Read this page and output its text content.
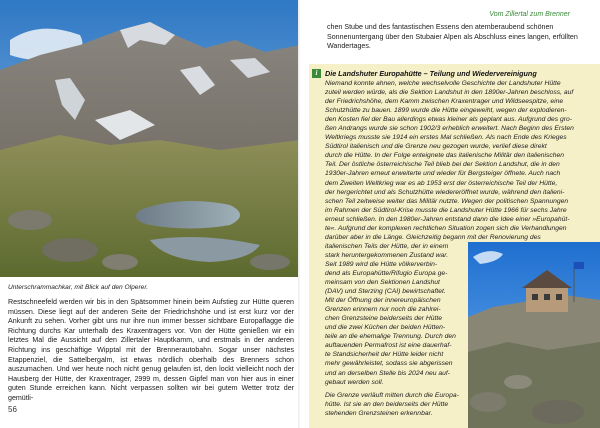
Unterschrammachkar, mit Blick auf den Olperer.
Restschneefeld werden wir bis in den Spätsommer hinein beim Aufstieg zur Hütte queren müssen. Diese liegt auf der anderen Seite der Friedrichshöhe und ist erst kurz vor der Ankunft zu sehen. Vorher gibt uns nur ihre nun immer besser sichtbare Europaflagge die Richtung durchs Kar unterhalb des Kraxentragers vor. Von der Hütte genießen wir ein letztes Mal die Aussicht auf den Zillertaler Hauptkamm, und erstmals in der anderen Richtung ins geschäftige Wipptal mit der Brennerautobahn. Sogar unser nächstes Etappenziel, die Sattelbergalm, ist etwas nördlich oberhalb des Brenners schon auszumachen. Und wer heute noch nicht genug gelaufen ist, den lockt vielleicht noch der Hausberg der Hütte, der Kraxentrager, 2999 m, dessen Gipfel man von hier aus in einer guten Stunde erreichen kann. Nicht verpassen sollten wir bei gutem Wetter trotz der gemütli-
56
Vom Zillertal zum Brenner
chen Stube und des fantastischen Essens den atemberaubend schönen Sonnenuntergang über den Stubaier Alpen als Abschluss eines langen, erfüllten Wandertages.
i	Die Landshuter Europahütte – Teilung und Wiedervereinigung
Niemand konnte ahnen, welche wechselvolle Geschichte der Landshuter Hütte
zuteil werden würde, als die Sektion Landshut in den 1890er-Jahren beschloss, auf
der Friedrichshöhe, dem Kamm zwischen Kraxentrager und Wildseespitze, eine
Schutzhütte zu bauen. 1899 wurde die Hütte eingeweiht, wegen der explodieren-
den Kosten fiel der Bau allerdings etwas kleiner als geplant aus. Aufgrund des gro-
ßen Andrangs wurde sie schon 1902/3 erheblich erweitert. Nach Beginn des Ersten
Weltkriegs musste sie 1914 ein erstes Mal schließen. Als nach Ende des Krieges
Südtirol italienisch und die Grenze neu gezogen wurde, verlief diese direkt
durch die Hütte. In der Folge enteignete das italienische Militär den italienischen
Teil. Der östliche österreichische Teil blieb bei der Sektion Landshut, die in den
1930er-Jahren erneut erweiterte und wieder für Bergsteiger öffnete. Auch nach
dem Zweiten Weltkrieg war es ab 1953 erst der österreichische Teil der Hütte,
der hergerichtet und als Schutzhütte wiedereröffnet wurde, während den italieni-
schen Teil zeitweise weiter das Militär nutzte. Wegen der politischen Spannungen
im Rahmen der Südtirol-Krise musste die Landshuter Hütte 1966 für sechs Jahre
erneut schließen. In den 1980er-Jahren entstand dann die Idee einer »Europahüt-
te«. Aufgrund der komplexen rechtlichen Situation zogen sich die Verhandlungen
darüber aber in die Länge. Gleichzeitig begann mit der Renovierung des
italienischen Teils der Hütte, der in einem
stark heruntergekommenen Zustand war.
Seit 1989 wird die Hütte völkerverbin-
dend als Europahütte/Rifugio Europa ge-
meinsam von den Sektionen Landshut
(DAV) und Sterzing (CAI) bewirtschaftet.
Mit der Öffnung der innereuropäischen
Grenzen erinnern nur noch die zahlrei-
chen Grenzsteine beiderseits der Hütte
und die zwei Küchen der beiden Hütten-
teile an die ehemalige Trennung. Durch den
auftauenden Permafrost ist eine dauerhaf-
te Standsicherheit der Hütte leider nicht
mehr gewährleistet, sodass sie abgerissen
und an derselben Stelle bis 2024 neu auf-
gebaut werden soll.
Die Grenze verläuft mitten durch die Europa-
hütte. Ist sie an den beiderseits der Hütte
stehenden Grenzsteinen erkennbar.
